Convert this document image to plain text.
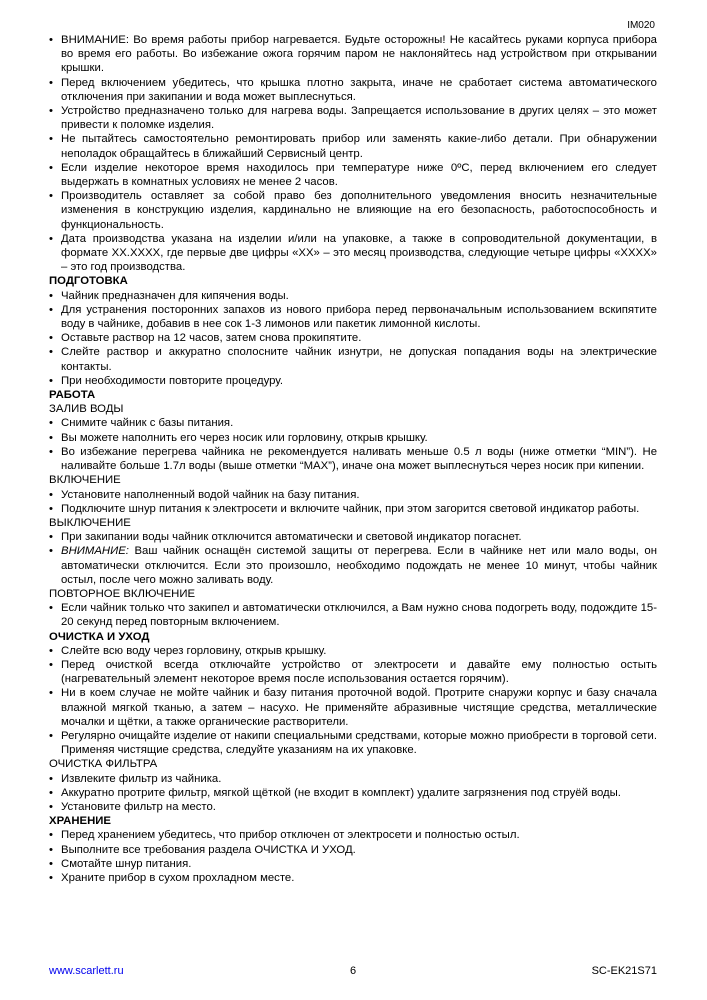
IM020
• ВНИМАНИЕ: Во время работы прибор нагревается. Будьте осторожны! Не касайтесь руками корпуса прибора во время его работы. Во избежание ожога горячим паром не наклоняйтесь над устройством при открывании крышки.
• Перед включением убедитесь, что крышка плотно закрыта, иначе не сработает система автоматического отключения при закипании и вода может выплеснуться.
• Устройство предназначено только для нагрева воды. Запрещается использование в других целях – это может привести к поломке изделия.
• Не пытайтесь самостоятельно ремонтировать прибор или заменять какие-либо детали. При обнаружении неполадок обращайтесь в ближайший Сервисный центр.
• Если изделие некоторое время находилось при температуре ниже 0ºC, перед включением его следует выдержать в комнатных условиях не менее 2 часов.
• Производитель оставляет за собой право без дополнительного уведомления вносить незначительные изменения в конструкцию изделия, кардинально не влияющие на его безопасность, работоспособность и функциональность.
• Дата производства указана на изделии и/или на упаковке, а также в сопроводительной документации, в формате XX.XXXX, где первые две цифры «XX» – это месяц производства, следующие четыре цифры «XXXX» – это год производства.
ПОДГОТОВКА
• Чайник предназначен для кипячения воды.
• Для устранения посторонних запахов из нового прибора перед первоначальным использованием вскипятите воду в чайнике, добавив в нее сок 1-3 лимонов или пакетик лимонной кислоты.
• Оставьте раствор на 12 часов, затем снова прокипятите.
• Слейте раствор и аккуратно сполосните чайник изнутри, не допуская попадания воды на электрические контакты.
• При необходимости повторите процедуру.
РАБОТА
ЗАЛИВ ВОДЫ
• Снимите чайник с базы питания.
• Вы можете наполнить его через носик или горловину, открыв крышку.
• Во избежание перегрева чайника не рекомендуется наливать меньше 0.5 л воды (ниже отметки “MIN”). Не наливайте больше 1.7л воды (выше отметки “MAX”), иначе она может выплеснуться через носик при кипении.
ВКЛЮЧЕНИЕ
• Установите наполненный водой чайник на базу питания.
• Подключите шнур питания к электросети и включите чайник, при этом загорится световой индикатор работы.
ВЫКЛЮЧЕНИЕ
• При закипании воды чайник отключится автоматически и световой индикатор погаснет.
• ВНИМАНИЕ: Ваш чайник оснащён системой защиты от перегрева. Если в чайнике нет или мало воды, он автоматически отключится. Если это произошло, необходимо подождать не менее 10 минут, чтобы чайник остыл, после чего можно заливать воду.
ПОВТОРНОЕ ВКЛЮЧЕНИЕ
• Если чайник только что закипел и автоматически отключился, а Вам нужно снова подогреть воду, подождите 15-20 секунд перед повторным включением.
ОЧИСТКА И УХОД
• Слейте всю воду через горловину, открыв крышку.
• Перед очисткой всегда отключайте устройство от электросети и давайте ему полностью остыть (нагревательный элемент некоторое время после использования остается горячим).
• Ни в коем случае не мойте чайник и базу питания проточной водой. Протрите снаружи корпус и базу сначала влажной мягкой тканью, а затем – насухо. Не применяйте абразивные чистящие средства, металлические мочалки и щётки, а также органические растворители.
• Регулярно очищайте изделие от накипи специальными средствами, которые можно приобрести в торговой сети. Применяя чистящие средства, следуйте указаниям на их упаковке.
ОЧИСТКА ФИЛЬТРА
• Извлеките фильтр из чайника.
• Аккуратно протрите фильтр, мягкой щёткой (не входит в комплект) удалите загрязнения под струёй воды.
• Установите фильтр на место.
ХРАНЕНИЕ
• Перед хранением убедитесь, что прибор отключен от электросети и полностью остыл.
• Выполните все требования раздела ОЧИСТКА И УХОД.
• Смотайте шнур питания.
• Храните прибор в сухом прохладном месте.
6
www.scarlett.ru	SC-EK21S71
